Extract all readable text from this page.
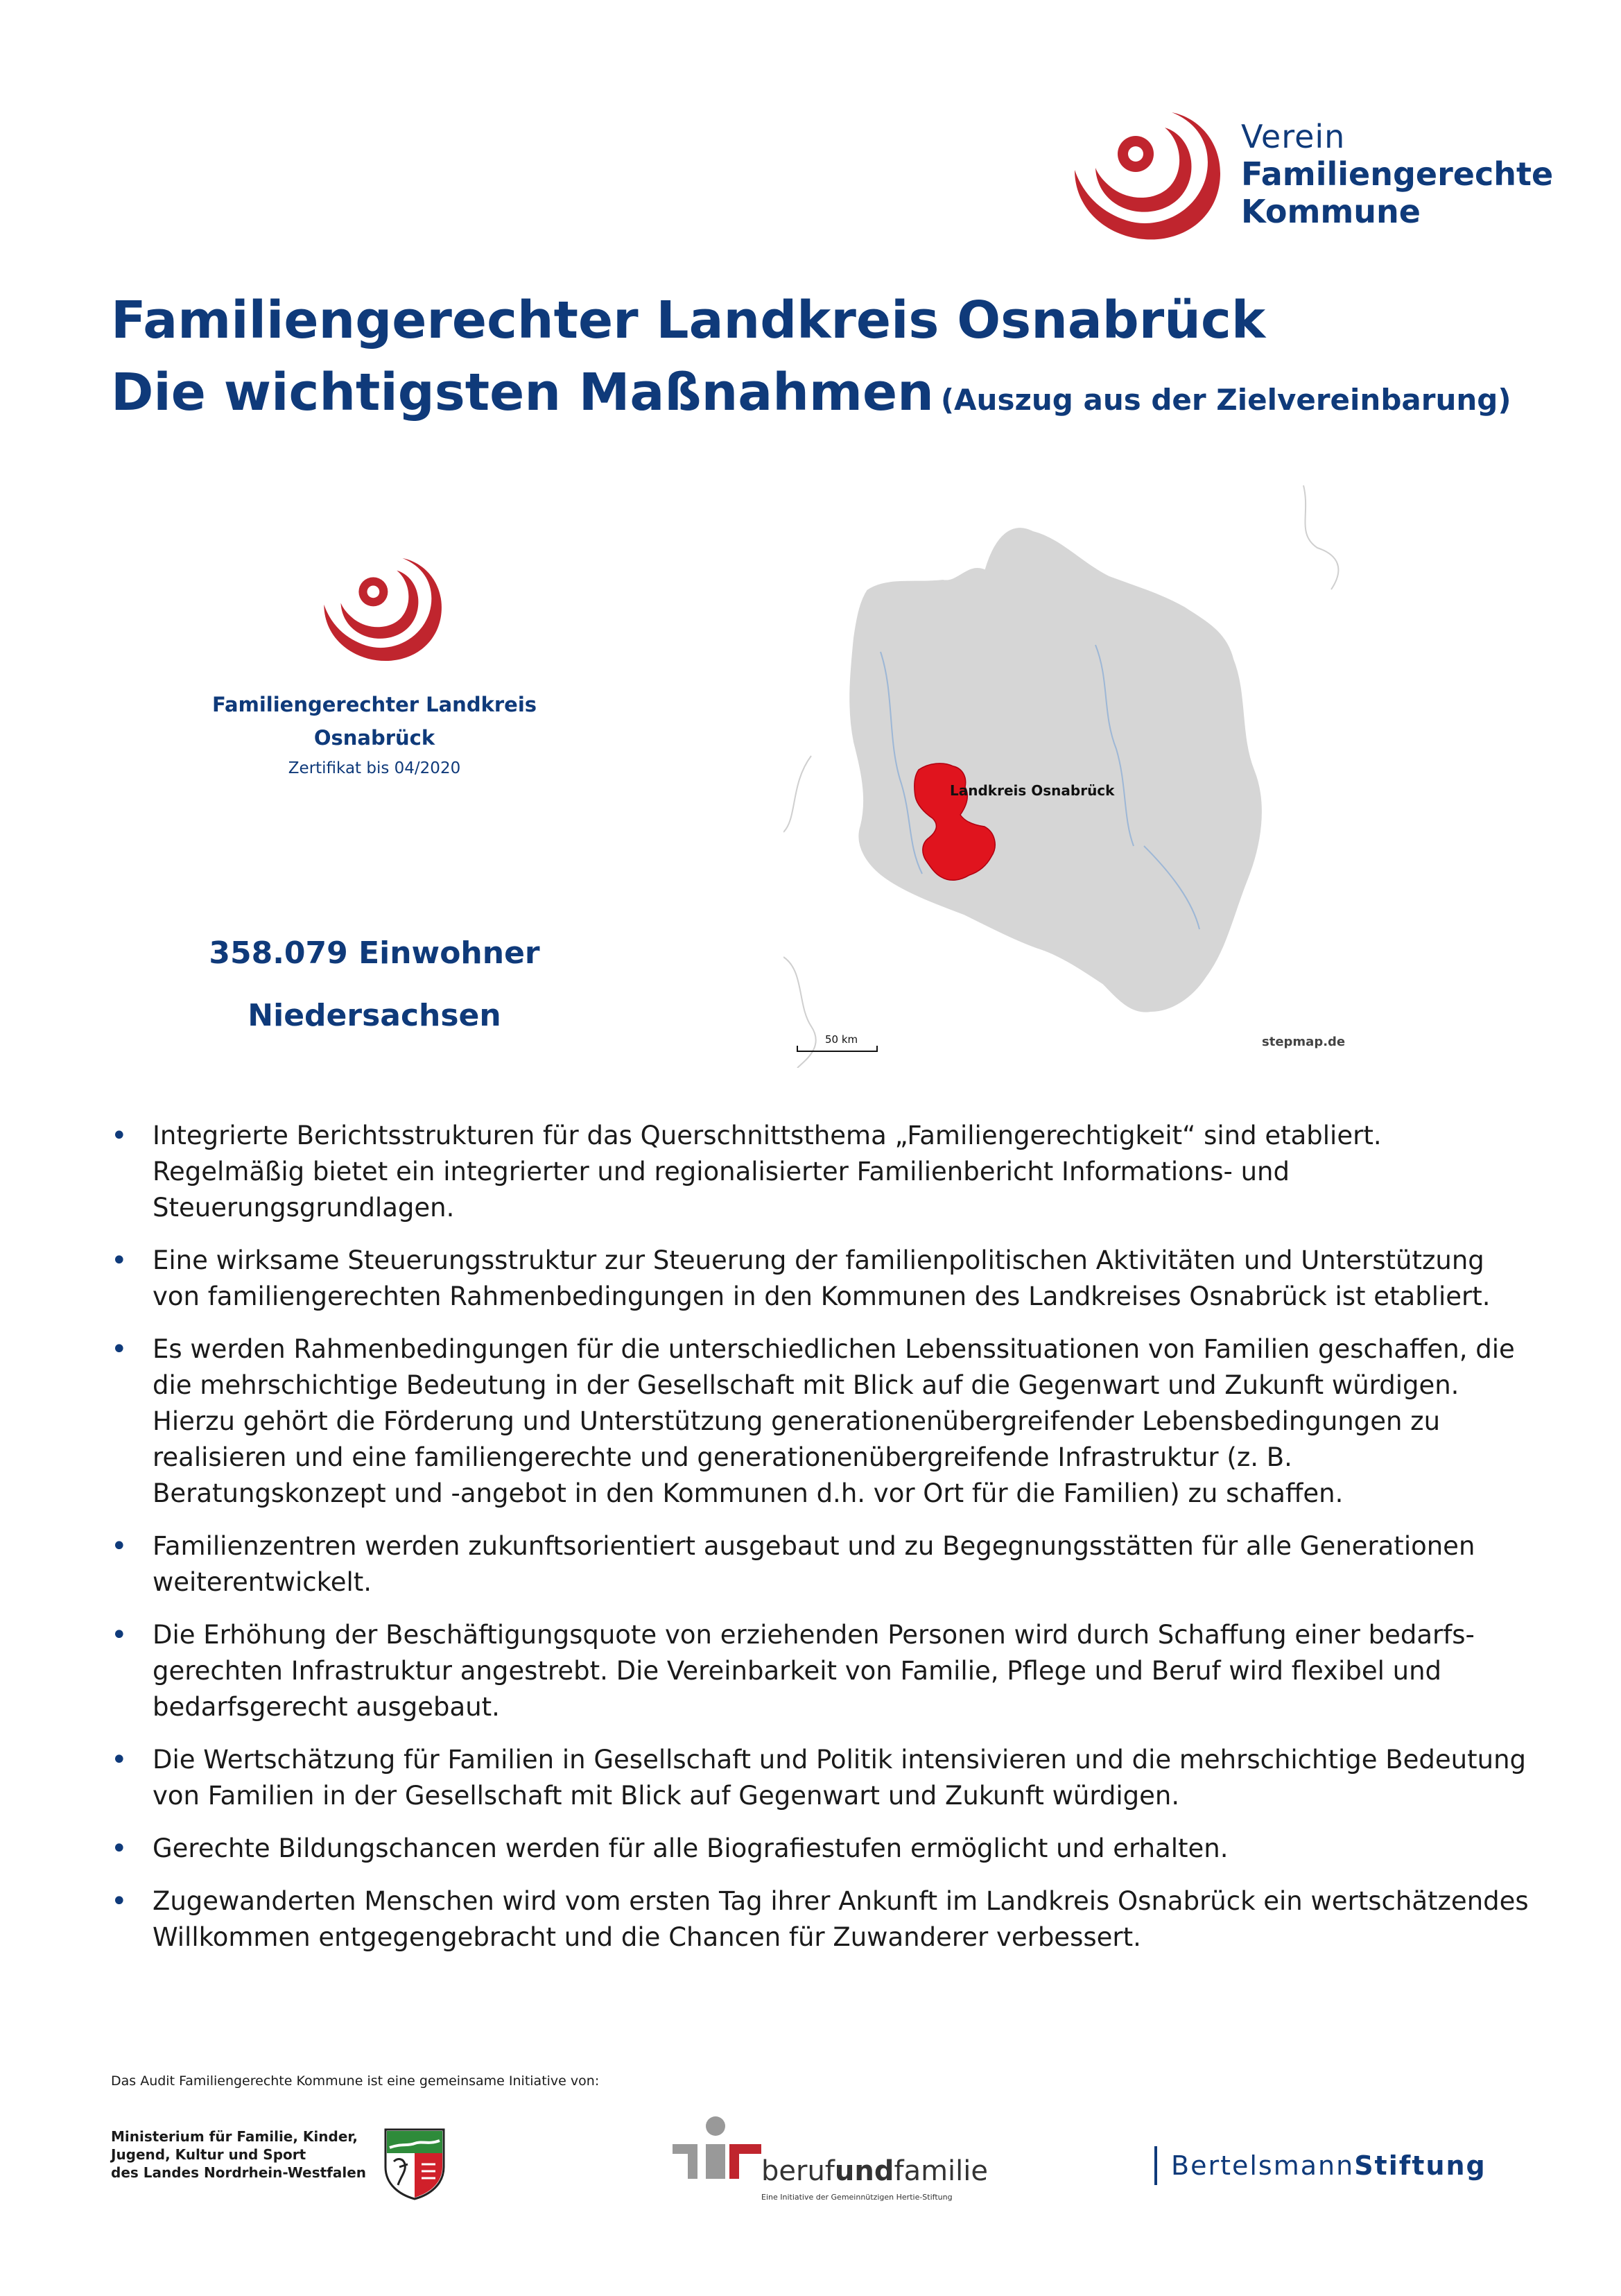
Verein
Familiengerechte
Kommune
Familiengerechter Landkreis Osnabrück
Die wichtigsten Maßnahmen (Auszug aus der Zielvereinbarung)
Familiengerechter Landkreis
Osnabrück
Zertifikat bis 04/2020
358.079 Einwohner
Niedersachsen
Landkreis Osnabrück
50 km	stepmap.de
• Integrierte Berichtsstrukturen für das Querschnittsthema „Familiengerechtigkeit“ sind etabliert. Regelmäßig bietet ein integrierter und regionalisierter Familienbericht Informations- und Steuerungsgrundlagen.
• Eine wirksame Steuerungsstruktur zur Steuerung der familienpolitischen Aktivitäten und Unterstützung von familiengerechten Rahmenbedingungen in den Kommunen des Landkreises Osnabrück ist etabliert.
• Es werden Rahmenbedingungen für die unterschiedlichen Lebenssituationen von Familien geschaffen, die die mehrschichtige Bedeutung in der Gesellschaft mit Blick auf die Gegenwart und Zukunft würdigen. Hierzu gehört die Förderung und Unterstützung generationenübergreifender Lebensbedingungen zu realisieren und eine familiengerechte und generationenübergreifende Infrastruktur (z. B. Beratungskonzept und -angebot in den Kommunen d.h. vor Ort für die Familien) zu schaffen.
• Familienzentren werden zukunftsorientiert ausgebaut und zu Begegnungsstätten für alle Generationen weiterentwickelt.
• Die Erhöhung der Beschäftigungsquote von erziehenden Personen wird durch Schaffung einer bedarfs- gerechten Infrastruktur angestrebt. Die Vereinbarkeit von Familie, Pflege und Beruf wird flexibel und bedarfsgerecht ausgebaut.
• Die Wertschätzung für Familien in Gesellschaft und Politik intensivieren und die mehrschichtige Bedeutung von Familien in der Gesellschaft mit Blick auf Gegenwart und Zukunft würdigen.
• Gerechte Bildungschancen werden für alle Biografiestufen ermöglicht und erhalten.
• Zugewanderten Menschen wird vom ersten Tag ihrer Ankunft im Landkreis Osnabrück ein wertschätzendes Willkommen entgegengebracht und die Chancen für Zuwanderer verbessert.
Das Audit Familiengerechte Kommune ist eine gemeinsame Initiative von:
Ministerium für Familie, Kinder,
Jugend, Kultur und Sport
des Landes Nordrhein-Westfalen	berufundfamilie
Eine Initiative der Gemeinnützigen Hertie-Stiftung
BertelsmannStiftung
